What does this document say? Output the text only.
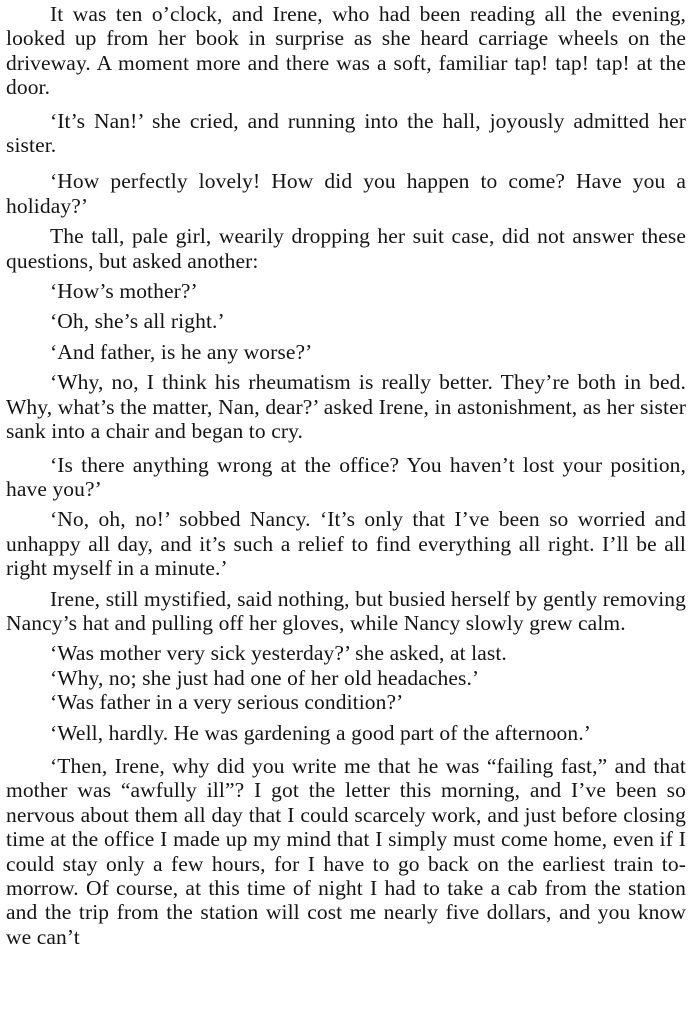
It was ten o’clock, and Irene, who had been reading all the evening, looked up from her book in surprise as she heard carriage wheels on the driveway. A moment more and there was a soft, familiar tap! tap! tap! at the door.

‘It’s Nan!’ she cried, and running into the hall, joyously admitted her sister.

‘How perfectly lovely! How did you happen to come? Have you a holiday?’

The tall, pale girl, wearily dropping her suit case, did not answer these questions, but asked another:

‘How’s mother?’

‘Oh, she’s all right.’

‘And father, is he any worse?’

‘Why, no, I think his rheumatism is really better. They’re both in bed. Why, what’s the matter, Nan, dear?’ asked Irene, in astonishment, as her sister sank into a chair and began to cry.

‘Is there anything wrong at the office? You haven’t lost your position, have you?’

‘No, oh, no!’ sobbed Nancy. ‘It’s only that I’ve been so worried and unhappy all day, and it’s such a relief to find everything all right. I’ll be all right myself in a minute.’

Irene, still mystified, said nothing, but busied herself by gently removing Nancy’s hat and pulling off her gloves, while Nancy slowly grew calm.

‘Was mother very sick yesterday?’ she asked, at last.

‘Why, no; she just had one of her old headaches.’

‘Was father in a very serious condition?’

‘Well, hardly. He was gardening a good part of the afternoon.’

‘Then, Irene, why did you write me that he was “failing fast,” and that mother was “awfully ill”? I got the letter this morning, and I’ve been so nervous about them all day that I could scarcely work, and just before closing time at the office I made up my mind that I simply must come home, even if I could stay only a few hours, for I have to go back on the earliest train to-morrow. Of course, at this time of night I had to take a cab from the station and the trip from the station will cost me nearly five dollars, and you know we can’t
